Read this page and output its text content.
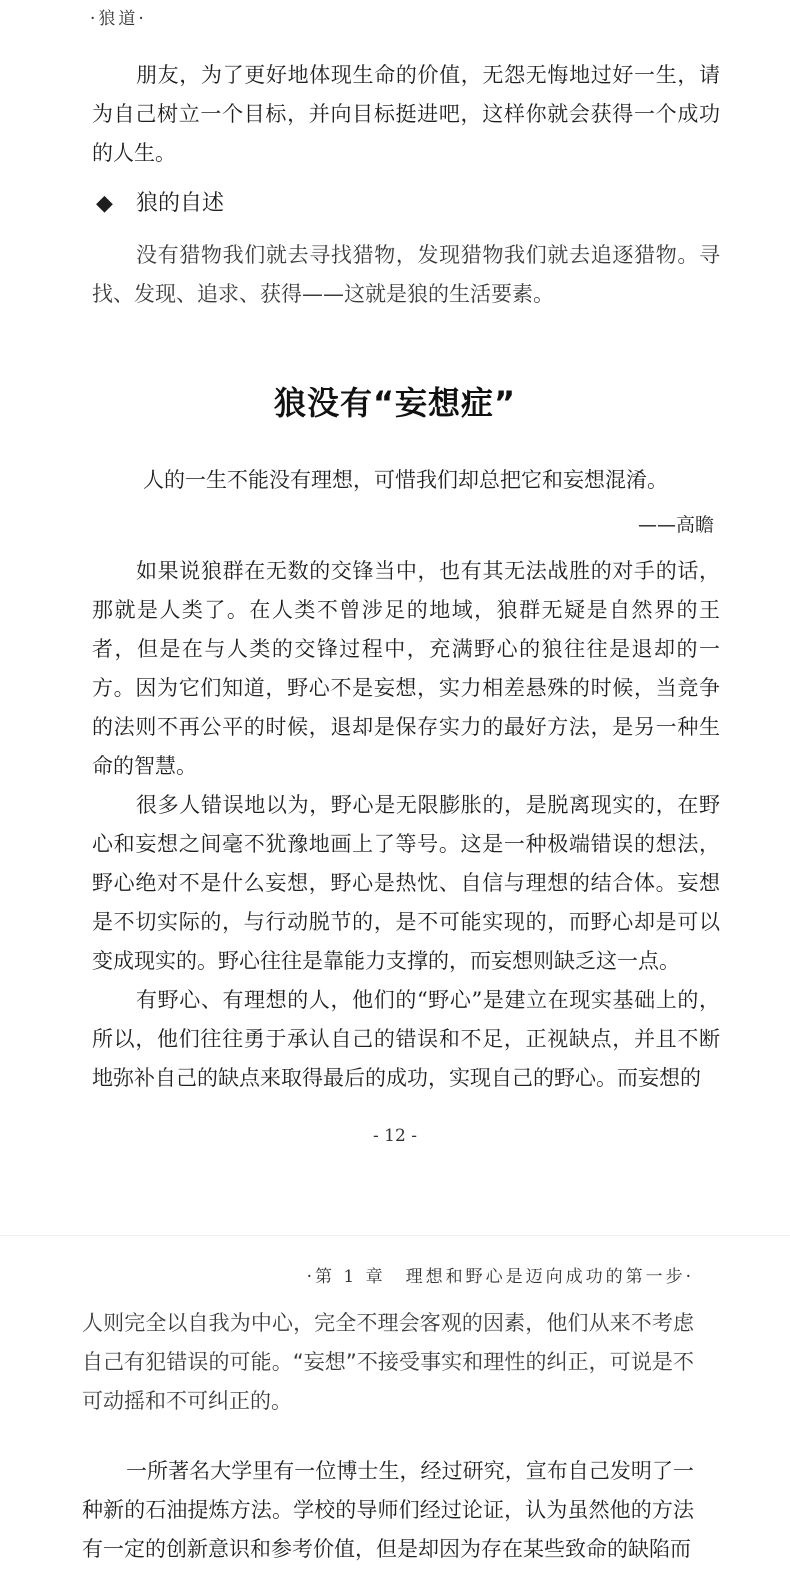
·狼道·

朋友，为了更好地体现生命的价值，无怨无悔地过好一生，请为自己树立一个目标，并向目标挺进吧，这样你就会获得一个成功的人生。

◆ 狼的自述

没有猎物我们就去寻找猎物，发现猎物我们就去追逐猎物。寻找、发现、追求、获得——这就是狼的生活要素。

狼没有“妄想症”
人的一生不能没有理想，可惜我们却总把它和妄想混淆。
——高瞻

如果说狼群在无数的交锋当中，也有其无法战胜的对手的话，那就是人类了。在人类不曾涉足的地域，狼群无疑是自然界的王者，但是在与人类的交锋过程中，充满野心的狼往往是退却的一方。因为它们知道，野心不是妄想，实力相差悬殊的时候，当竞争的法则不再公平的时候，退却是保存实力的最好方法，是另一种生命的智慧。

很多人错误地以为，野心是无限膨胀的，是脱离现实的，在野心和妄想之间毫不犹豫地画上了等号。这是一种极端错误的想法，野心绝对不是什么妄想，野心是热忱、自信与理想的结合体。妄想是不切实际的，与行动脱节的，是不可能实现的，而野心却是可以变成现实的。野心往往是靠能力支撑的，而妄想则缺乏这一点。

有野心、有理想的人，他们的“野心”是建立在现实基础上的，所以，他们往往勇于承认自己的错误和不足，正视缺点，并且不断地弥补自己的缺点来取得最后的成功，实现自己的野心。而妄想的

- 12 -
·第 1 章　理想和野心是迈向成功的第一步·

人则完全以自我为中心，完全不理会客观的因素，他们从来不考虑自己有犯错误的可能。“妄想”不接受事实和理性的纠正，可说是不可动摇和不可纠正的。

一所著名大学里有一位博士生，经过研究，宣布自己发明了一种新的石油提炼方法。学校的导师们经过论证，认为虽然他的方法有一定的创新意识和参考价值，但是却因为存在某些致命的缺陷而
